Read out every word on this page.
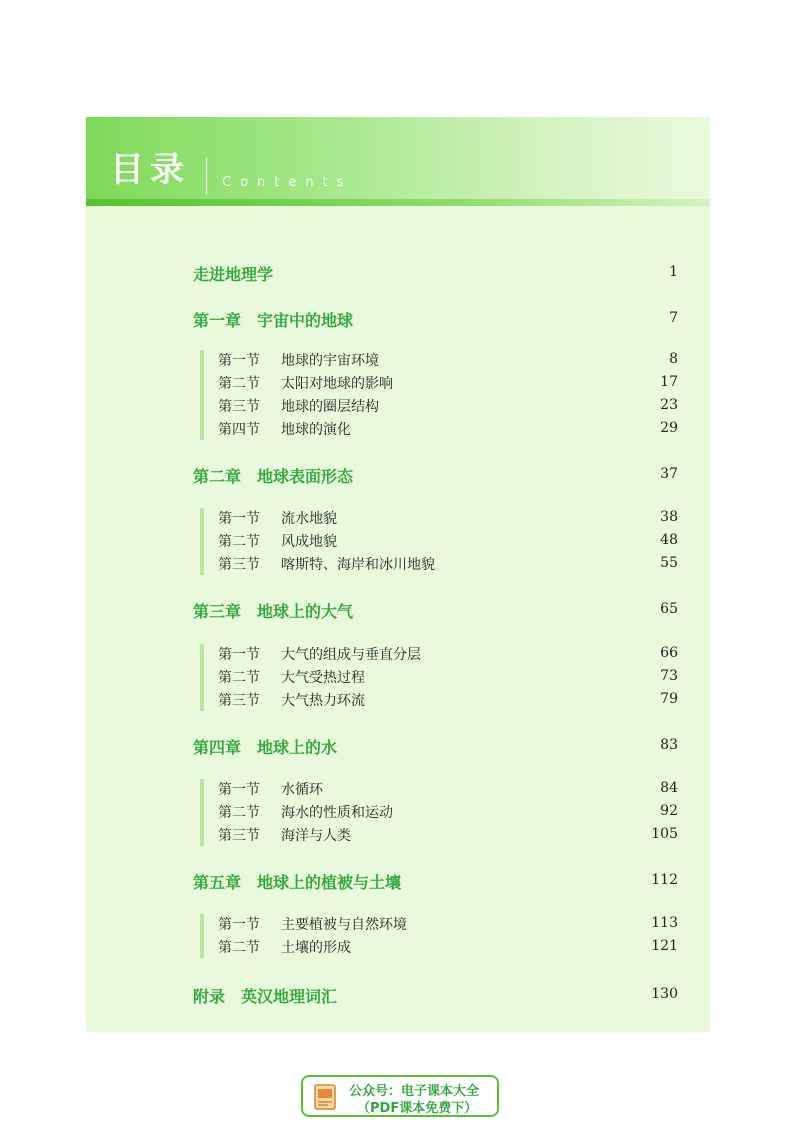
目录 Contents
走进地理学	1
第一章　宇宙中的地球	7
第一节 地球的宇宙环境	8
第二节 太阳对地球的影响	17
第三节 地球的圈层结构	23
第四节 地球的演化	29
第二章　地球表面形态	37
第一节 流水地貌	38
第二节 风成地貌	48
第三节 喀斯特、海岸和冰川地貌	55
第三章　地球上的大气	65
第一节 大气的组成与垂直分层	66
第二节 大气受热过程	73
第三节 大气热力环流	79
第四章　地球上的水	83
第一节 水循环	84
第二节 海水的性质和运动	92
第三节 海洋与人类	105
第五章　地球上的植被与土壤	112
第一节 主要植被与自然环境	113
第二节 土壤的形成	121
附录　英汉地理词汇	130
公众号：电子课本大全
（PDF课本免费下）
